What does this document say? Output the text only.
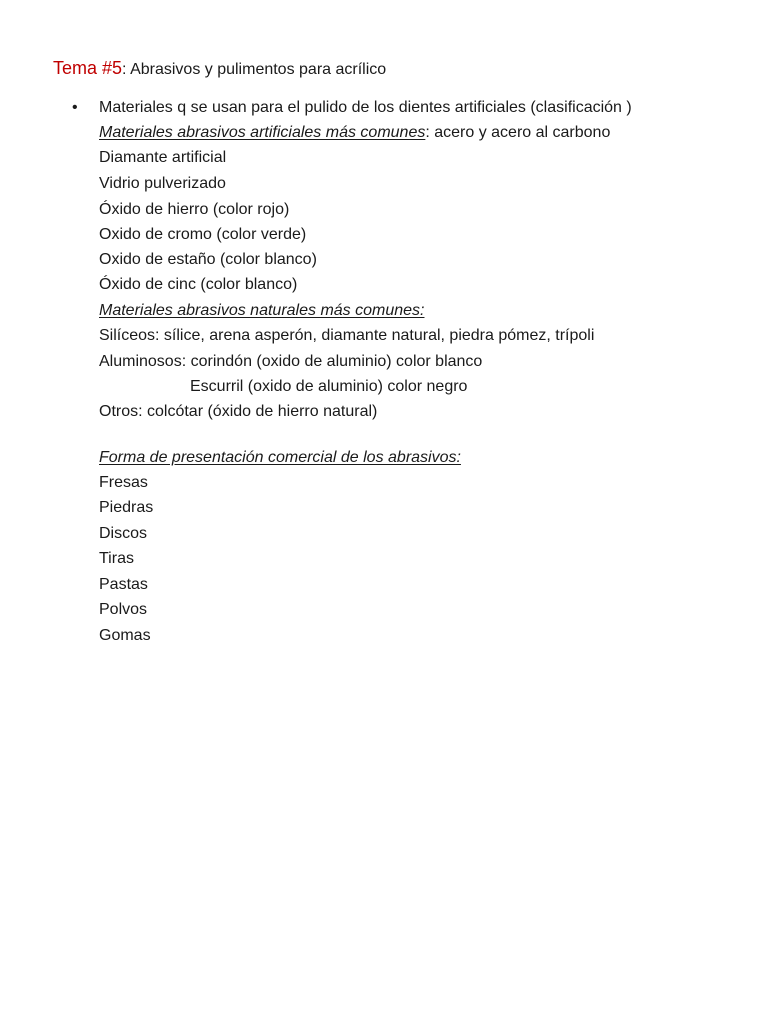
Tema #5: Abrasivos y pulimentos para acrílico
• Materiales q se usan para el pulido de los dientes artificiales (clasificación )
Materiales abrasivos artificiales más comunes: acero y acero al carbono
Diamante artificial
Vidrio pulverizado
Óxido de hierro (color rojo)
Oxido de cromo (color verde)
Oxido de estaño (color blanco)
Óxido de cinc (color blanco)
Materiales abrasivos naturales más comunes:
Silíceos: sílice, arena asperón, diamante natural, piedra pómez, trípoli
Aluminosos: corindón (oxido de aluminio) color blanco
Escurril (oxido de aluminio) color negro
Otros: colcótar (óxido de hierro natural)
Forma de presentación comercial de los abrasivos:
Fresas
Piedras
Discos
Tiras
Pastas
Polvos
Gomas
